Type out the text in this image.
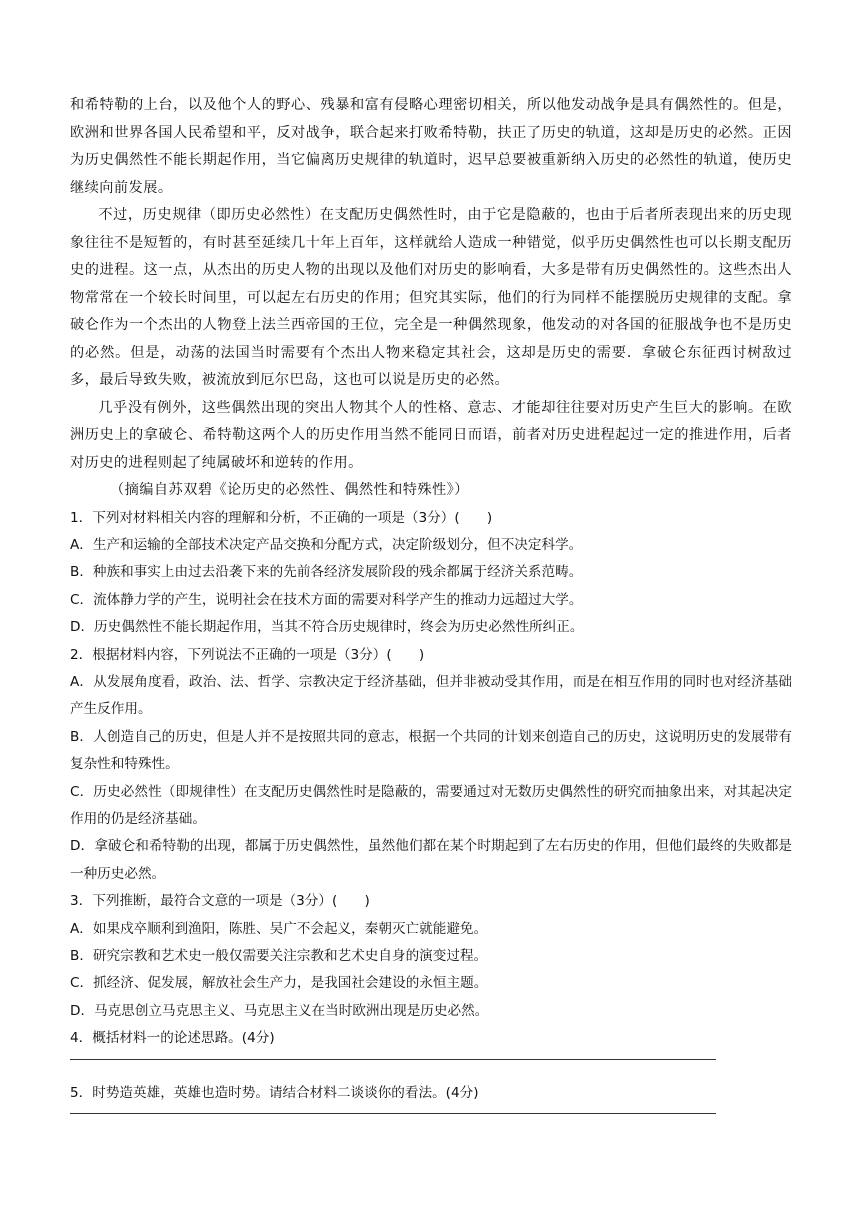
和希特勒的上台，以及他个人的野心、残暴和富有侵略心理密切相关，所以他发动战争是具有偶然性的。但是，欧洲和世界各国人民希望和平，反对战争，联合起来打败希特勒，扶正了历史的轨道，这却是历史的必然。正因为历史偶然性不能长期起作用，当它偏离历史规律的轨道时，迟早总要被重新纳入历史的必然性的轨道，使历史继续向前发展。

不过，历史规律（即历史必然性）在支配历史偶然性时，由于它是隐蔽的，也由于后者所表现出来的历史现象往往不是短暂的，有时甚至延续几十年上百年，这样就给人造成一种错觉，似乎历史偶然性也可以长期支配历史的进程。这一点，从杰出的历史人物的出现以及他们对历史的影响看，大多是带有历史偶然性的。这些杰出人物常常在一个较长时间里，可以起左右历史的作用；但究其实际，他们的行为同样不能摆脱历史规律的支配。拿破仑作为一个杰出的人物登上法兰西帝国的王位，完全是一种偶然现象，他发动的对各国的征服战争也不是历史的必然。但是，动荡的法国当时需要有个杰出人物来稳定其社会，这却是历史的需要．拿破仑东征西讨树敌过多，最后导致失败，被流放到厄尔巴岛，这也可以说是历史的必然。

几乎没有例外，这些偶然出现的突出人物其个人的性格、意志、才能却往往要对历史产生巨大的影响。在欧洲历史上的拿破仑、希特勒这两个人的历史作用当然不能同日而语，前者对历史进程起过一定的推进作用，后者对历史的进程则起了纯属破坏和逆转的作用。

（摘编自苏双碧《论历史的必然性、偶然性和特殊性》）

1．下列对材料相关内容的理解和分析，不正确的一项是（3分）(　　)

A．生产和运输的全部技术决定产品交换和分配方式，决定阶级划分，但不决定科学。

B．种族和事实上由过去沿袭下来的先前各经济发展阶段的残余都属于经济关系范畴。

C．流体静力学的产生，说明社会在技术方面的需要对科学产生的推动力远超过大学。

D．历史偶然性不能长期起作用，当其不符合历史规律时，终会为历史必然性所纠正。

2．根据材料内容，下列说法不正确的一项是（3分）(　　)

A．从发展角度看，政治、法、哲学、宗教决定于经济基础，但并非被动受其作用，而是在相互作用的同时也对经济基础产生反作用。

B．人创造自己的历史，但是人并不是按照共同的意志，根据一个共同的计划来创造自己的历史，这说明历史的发展带有复杂性和特殊性。

C．历史必然性（即规律性）在支配历史偶然性时是隐蔽的，需要通过对无数历史偶然性的研究而抽象出来，对其起决定作用的仍是经济基础。

D．拿破仑和希特勒的出现，都属于历史偶然性，虽然他们都在某个时期起到了左右历史的作用，但他们最终的失败都是一种历史必然。

3．下列推断，最符合文意的一项是（3分）(　　)

A．如果戍卒顺利到渔阳，陈胜、吴广不会起义，秦朝灭亡就能避免。

B．研究宗教和艺术史一般仅需要关注宗教和艺术史自身的演变过程。

C．抓经济、促发展，解放社会生产力，是我国社会建设的永恒主题。

D．马克思创立马克思主义、马克思主义在当时欧洲出现是历史必然。

4．概括材料一的论述思路。(4分)

5．时势造英雄，英雄也造时势。请结合材料二谈谈你的看法。(4分)
